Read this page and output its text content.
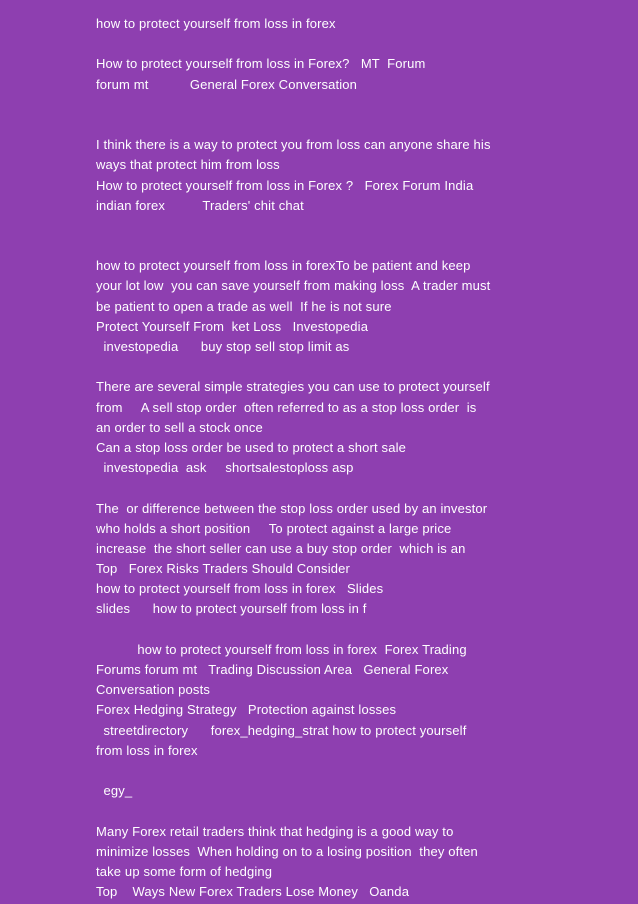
how to protect yourself from loss in forex
How to protect yourself from loss in Forex?   MT  Forum
forum mt           General Forex Conversation
I think there is a way to protect you from loss can anyone share his
ways that protect him from loss
How to protect yourself from loss in Forex ?   Forex Forum India
indian forex          Traders' chit chat
how to protect yourself from loss in forexTo be patient and keep
your lot low  you can save yourself from making loss  A trader must
be patient to open a trade as well  If he is not sure
Protect Yourself From  ket Loss   Investopedia
investopedia      buy stop sell stop limit as
There are several simple strategies you can use to protect yourself
from     A sell stop order  often referred to as a stop loss order  is
an order to sell a stock once
Can a stop loss order be used to protect a short sale
investopedia  ask     shortsalestoploss asp
The  or difference between the stop loss order used by an investor
who holds a short position     To protect against a large price
increase  the short seller can use a buy stop order  which is an
Top   Forex Risks Traders Should Consider
how to protect yourself from loss in forex   Slides
slides      how to protect yourself from loss in f
how to protect yourself from loss in forex  Forex Trading
Forums forum mt   Trading Discussion Area   General Forex
Conversation posts
Forex Hedging Strategy   Protection against losses
streetdirectory      forex_hedging_strat how to protect yourself
from loss in forex
egy_
Many Forex retail traders think that hedging is a good way to
minimize losses  When holding on to a losing position  they often
take up some form of hedging
Top    Ways New Forex Traders Lose Money   Oanda
